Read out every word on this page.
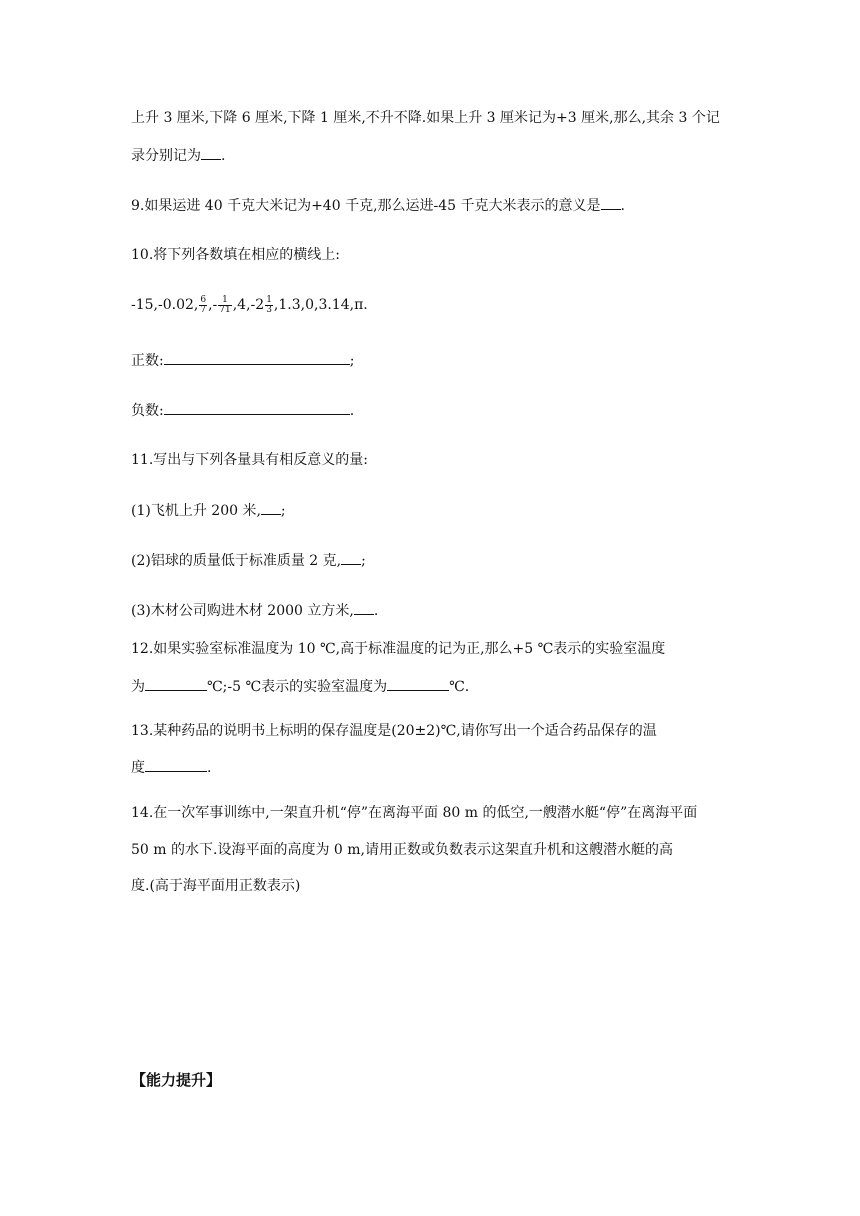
上升 3 厘米,下降 6 厘米,下降 1 厘米,不升不降.如果上升 3 厘米记为+3 厘米,那么,其余 3 个记
录分别记为 .
9.如果运进 40 千克大米记为+40 千克,那么运进-45 千克大米表示的意义是 .
10.将下列各数填在相应的横线上:
-15,-0.02, $\frac{6}{7}$ ,- $\frac{1}{71} ,4,-2 \frac{1}{3} ,1.3,0,3.14,\pi$.
正数:	;
负数:	.
11.写出与下列各量具有相反意义的量:
(1)飞机上升 200 米, ;
(2)铝球的质量低于标准质量 2 克, ;
(3)木材公司购进木材 2000 立方米, .
12.如果实验室标准温度为 10 ℃,高于标准温度的记为正,那么+5 ℃表示的实验室温度
为	℃;-5 ℃表示的实验室温度为	℃.
13.某种药品的说明书上标明的保存温度是(20±2)℃,请你写出一个适合药品保存的温
度	.
14.在一次军事训练中,一架直升机“停”在离海平面 80 m 的低空,一艘潜水艇“停”在离海平面
50 m 的水下.设海平面的高度为 0 m,请用正数或负数表示这架直升机和这艘潜水艇的高
度.(高于海平面用正数表示)
【能力提升】
